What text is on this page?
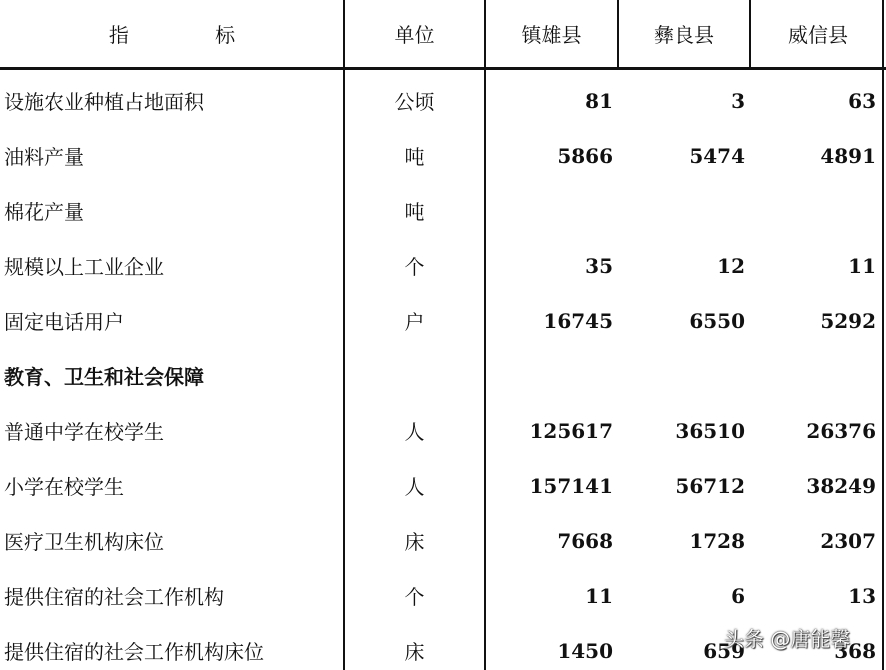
指 标	单位	镇雄县	彝良县	威信县
设施农业种植占地面积	公顷	81	3	63
油料产量	吨	5866	5474	4891
棉花产量	吨
规模以上工业企业	个	35	12	11
固定电话用户	户	16745	6550	5292
教育、卫生和社会保障
普通中学在校学生	人	125617	36510	26376
小学在校学生	人	157141	56712	38249
医疗卫生机构床位	床	7668	1728	2307
提供住宿的社会工作机构	个	11	6	13
提供住宿的社会工作机构床位	床	1450	659	368
头条 @唐能馨
